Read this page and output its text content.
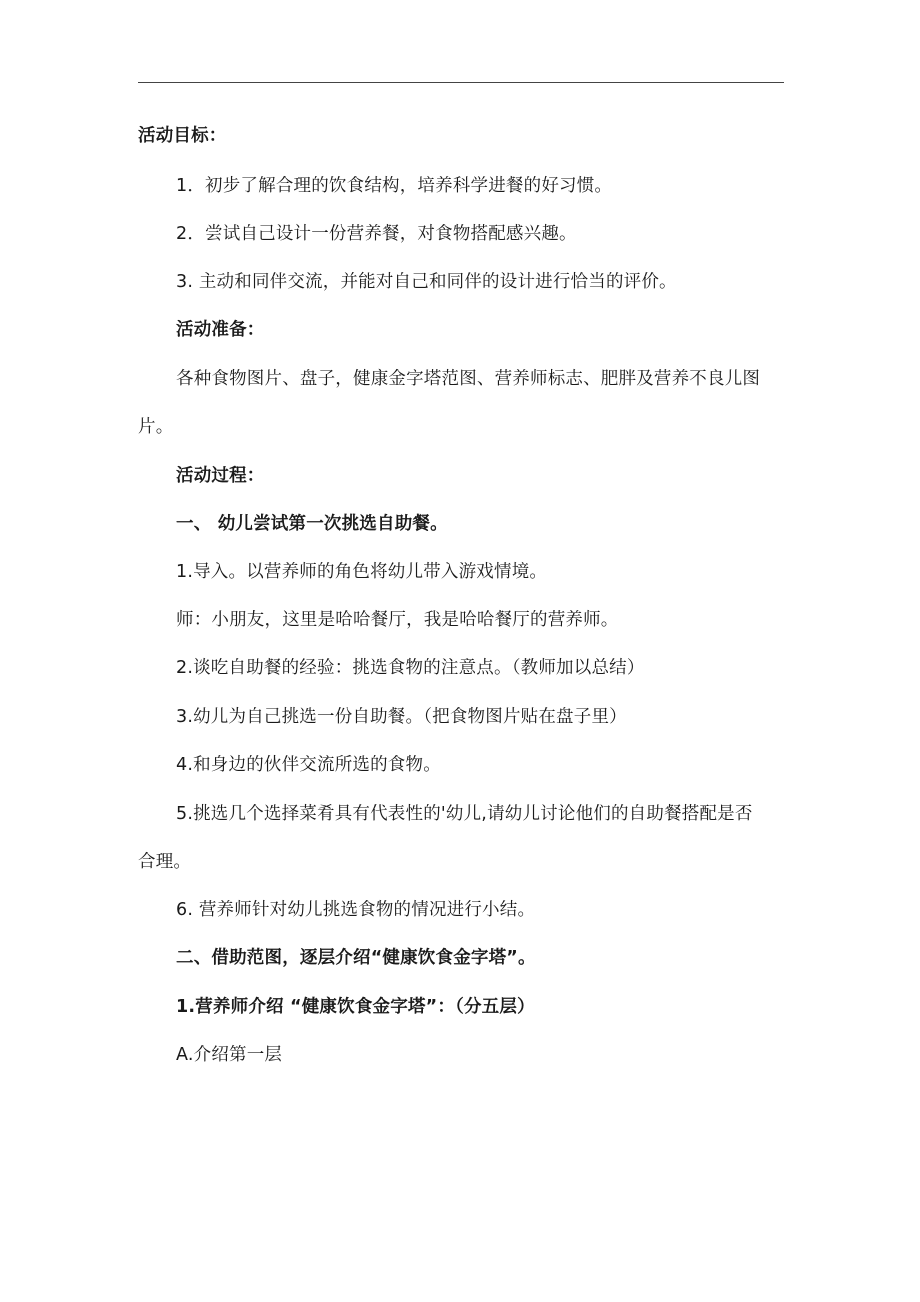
活动目标：
1．初步了解合理的饮食结构，培养科学进餐的好习惯。
2．尝试自己设计一份营养餐，对食物搭配感兴趣。
3. 主动和同伴交流，并能对自己和同伴的设计进行恰当的评价。
活动准备：
各种食物图片、盘子，健康金字塔范图、营养师标志、肥胖及营养不良儿图
片。
活动过程：
一、 幼儿尝试第一次挑选自助餐。
1.导入。以营养师的角色将幼儿带入游戏情境。
师：小朋友，这里是哈哈餐厅，我是哈哈餐厅的营养师。
2.谈吃自助餐的经验：挑选食物的注意点。（教师加以总结）
3.幼儿为自己挑选一份自助餐。（把食物图片贴在盘子里）
4.和身边的伙伴交流所选的食物。
5.挑选几个选择菜肴具有代表性的'幼儿,请幼儿讨论他们的自助餐搭配是否
合理。
6. 营养师针对幼儿挑选食物的情况进行小结。
二、借助范图，逐层介绍“健康饮食金字塔”。
1.营养师介绍 “健康饮食金字塔”：（分五层）
A.介绍第一层
